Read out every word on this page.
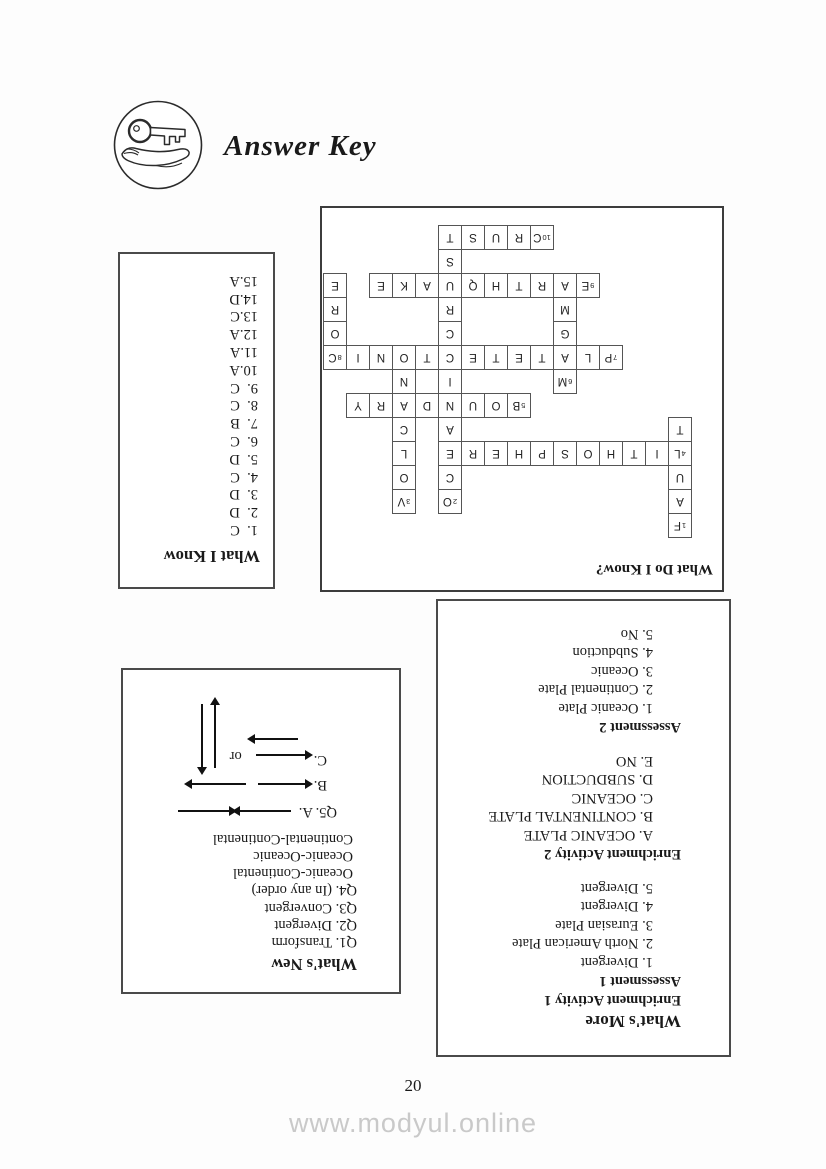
Answer Key
What Do I Know?
1
F
A
U
4
L
T
2
O
C
E
A
N
I
C
C
R
U
S
T
3
V
O
L
C
A
N
O
I
T
H
O
S
P
H
E
R
5
B
O
U
D
R
Y
6
M
A
G
M
A
7
P
L
T
E
T
E
T
N
I
8
C
O
R
E	9
E
R
T
H
Q
A
K
E
10
C
R
U
S
What I Know
1.  C
2.  D
3.  D
4.  C
5.  D
6.  C
7.  B
8.  C
9.  C
10.A
11.A
12.A
13.C
14.D
15.A
What's More
Enrichment Activity 1
Assessment 1
1. Divergent
2. North American Plate
3. Eurasian Plate
4. Divergent
5. Divergent
Enrichment Activity 2
A. OCEANIC PLATE
B. CONTINENTAL PLATE
C. OCEANIC
D. SUBDUCTION
E. NO
Assessment 2
1. Oceanic Plate
2. Continental Plate
3. Oceanic
4. Subduction
5. No
What's New
Q1. Transform
Q2. Divergent
Q3. Convergent
Q4. (In any order)
Oceanic-Continental
Oceanic-Oceanic
Continental-Continental
Q5. A.
B.
C.
or
20
www.modyul.online
